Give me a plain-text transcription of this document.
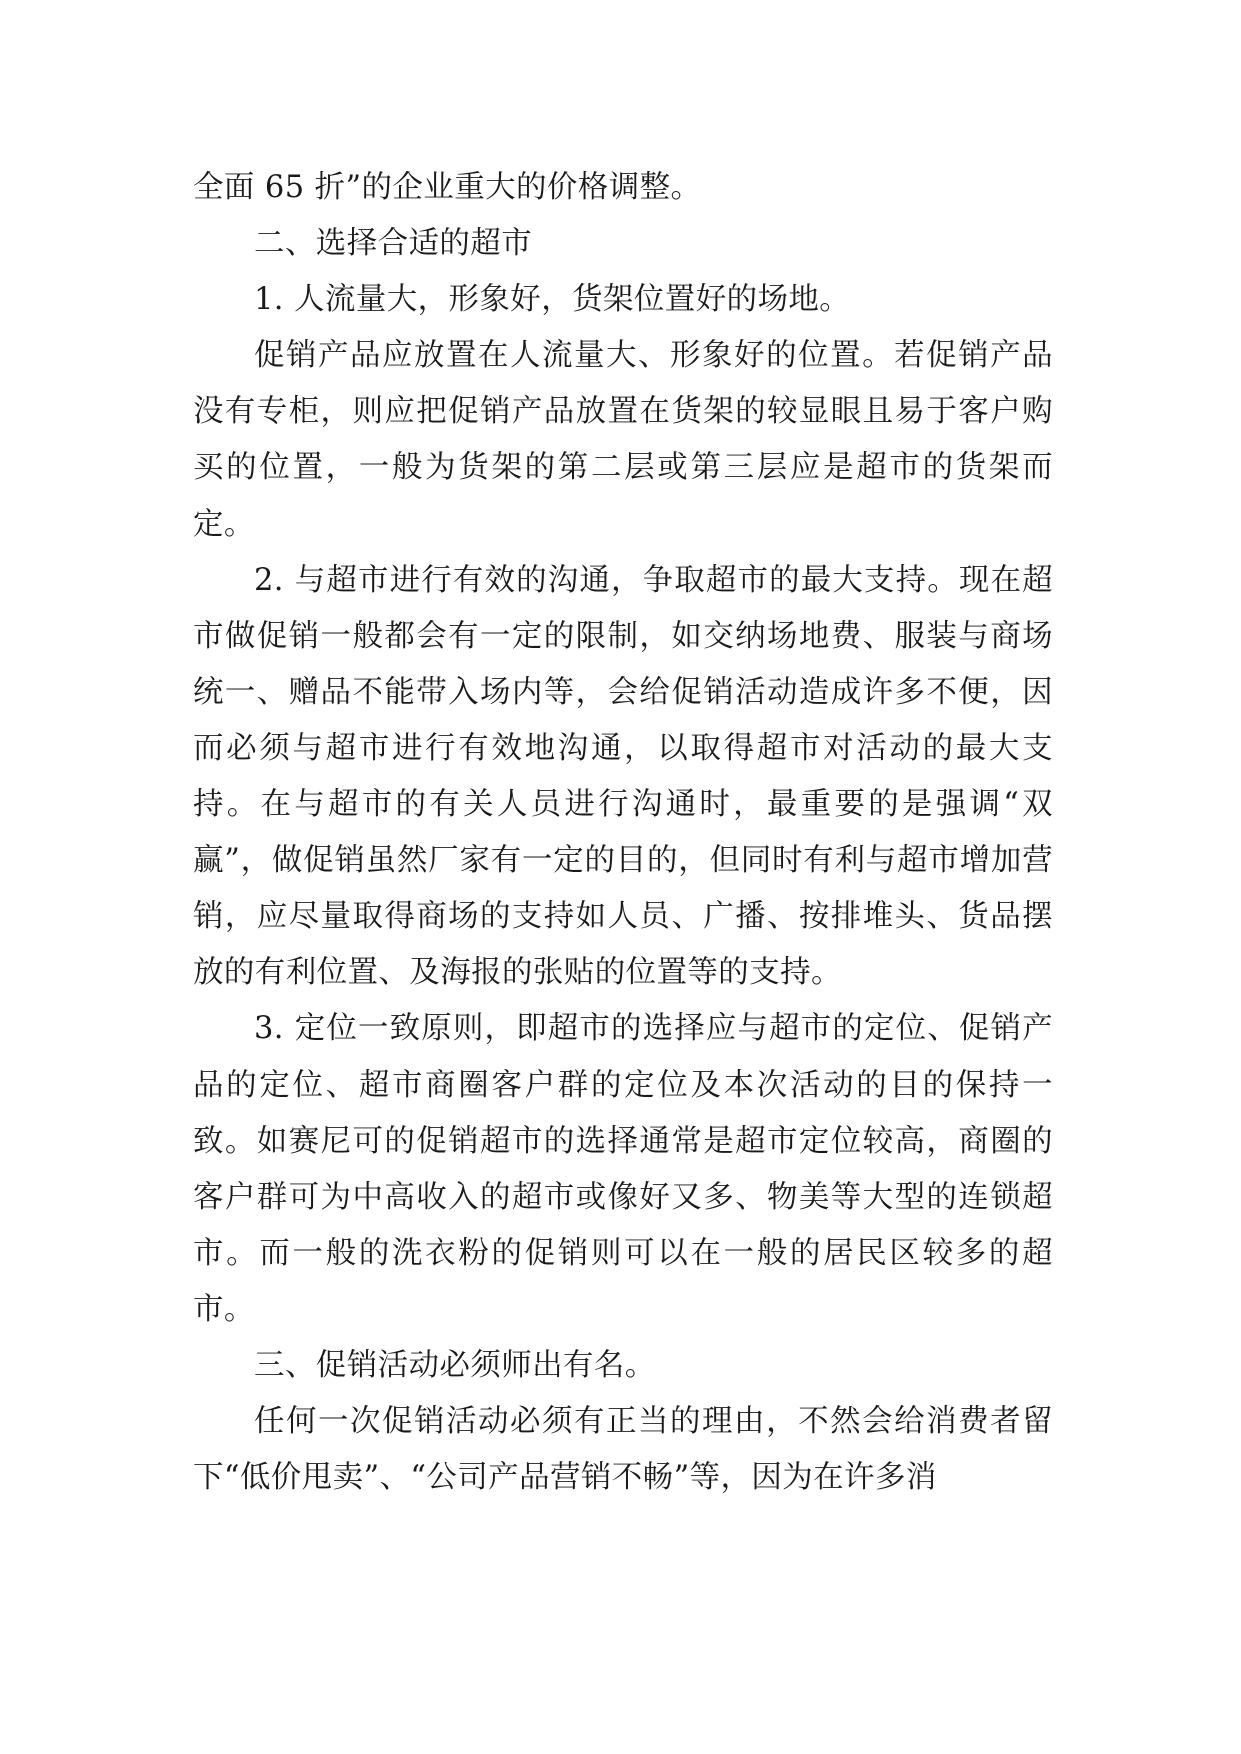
全面 65 折”的企业重大的价格调整。

二、选择合适的超市

1. 人流量大，形象好，货架位置好的场地。

促销产品应放置在人流量大、形象好的位置。若促销产品没有专柜，则应把促销产品放置在货架的较显眼且易于客户购买的位置，一般为货架的第二层或第三层应是超市的货架而定。

2. 与超市进行有效的沟通，争取超市的最大支持。现在超市做促销一般都会有一定的限制，如交纳场地费、服装与商场统一、赠品不能带入场内等，会给促销活动造成许多不便，因而必须与超市进行有效地沟通，以取得超市对活动的最大支持。在与超市的有关人员进行沟通时，最重要的是强调“双赢”，做促销虽然厂家有一定的目的，但同时有利与超市增加营销，应尽量取得商场的支持如人员、广播、按排堆头、货品摆放的有利位置、及海报的张贴的位置等的支持。

3. 定位一致原则，即超市的选择应与超市的定位、促销产品的定位、超市商圈客户群的定位及本次活动的目的保持一致。如赛尼可的促销超市的选择通常是超市定位较高，商圈的客户群可为中高收入的超市或像好又多、物美等大型的连锁超市。而一般的洗衣粉的促销则可以在一般的居民区较多的超市。

三、促销活动必须师出有名。

任何一次促销活动必须有正当的理由，不然会给消费者留下“低价甩卖”、“公司产品营销不畅”等，因为在许多消
